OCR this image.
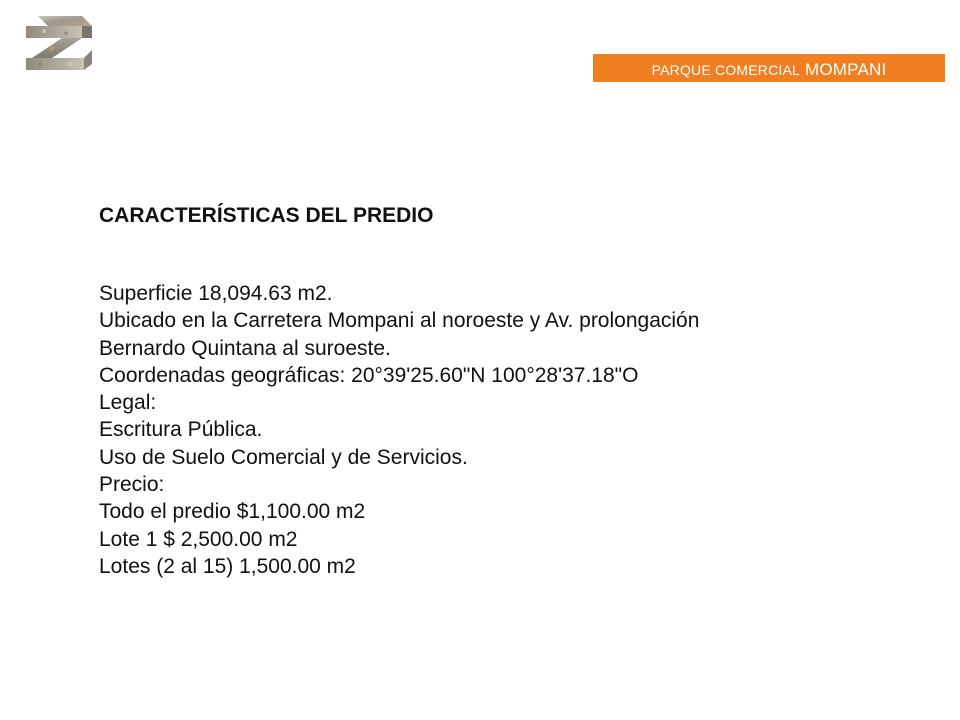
PARQUE COMERCIAL MOMPANI
CARACTERÍSTICAS DEL PREDIO
Superficie 18,094.63 m2.
Ubicado en la Carretera Mompani al noroeste y Av. prolongación
Bernardo Quintana al suroeste.
Coordenadas geográficas: 20°39'25.60"N 100°28'37.18"O
Legal:
Escritura Pública.
Uso de Suelo Comercial y de Servicios.
Precio:
Todo el predio $1,100.00 m2
Lote 1 $ 2,500.00 m2
Lotes (2 al 15) 1,500.00 m2
